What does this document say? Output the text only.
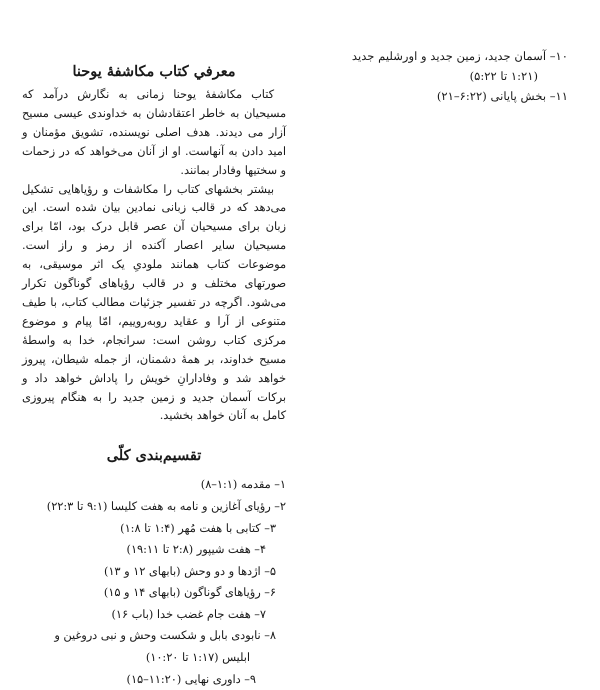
۱۰– آسمان جدید، زمین جدید و اورشلیم جدید
(۱:۲۱ تا ۵:۲۲)
۱۱– بخش پایانی (۶:۲۲–۲۱)
معرفي كتاب مكاشفهٔ يوحنا

کتاب مکاشفۀ یوحنا زمانی به نگارش درآمد که مسیحیان به خاطر اعتقادشان به خداوندی عیسی مسیح آزار می دیدند. هدف اصلی نویسنده، تشویق مؤمنان و امید دادن به آنهاست. او از آنان می‌خواهد که در زحمات و سختیها وفادار بمانند.

بیشتر بخشهای کتاب را مکاشفات و رؤیاهایی تشکیل می‌دهد که در قالب زبانی نمادین بیان شده است. این زبان برای مسیحیان آن عصر قابل درک بود، امّا برای مسیحیان سایر اعصار آکنده از رمز و راز است. موضوعات کتاب همانند ملودیِ یک اثر موسیقی، به صورتهای مختلف و در قالب رؤیاهای گوناگون تکرار می‌شود. اگرچه در تفسیر جزئیات مطالب کتاب، با طیف متنوعی از آرا و عقاید روبه‌روییم، امّا پیام و موضوع مرکزی کتاب روشن است: سرانجام، خدا به واسطهٔ مسیح خداوند، بر همهٔ دشمنان، از جمله شیطان، پیروز خواهد شد و وفادارانِ خویش را پاداش خواهد داد و برکات آسمان جدید و زمین جدید را به هنگام پیروزی کامل به آنان خواهد بخشید.

تقسیم‌بندی کلّی
۱– مقدمه (۱:۱–۸)
۲– رؤیای آغازین و نامه به هفت کلیسا (۹:۱ تا ۲۲:۳)
۳– کتابی با هفت مُهر (۱:۴ تا ۱:۸)
۴– هفت شیپور (۲:۸ تا ۱۹:۱۱)
۵– اژدها و دو وحش (بابهای ۱۲ و ۱۳)
۶– رؤیاهای گوناگون (بابهای ۱۴ و ۱۵)
۷– هفت جام غضب خدا (باب ۱۶)
۸– نابودی بابل و شکست وحش و نبی دروغین و
ابلیس (۱:۱۷ تا ۱۰:۲۰)
۹– داوری نهایی (۱۱:۲۰–۱۵)
